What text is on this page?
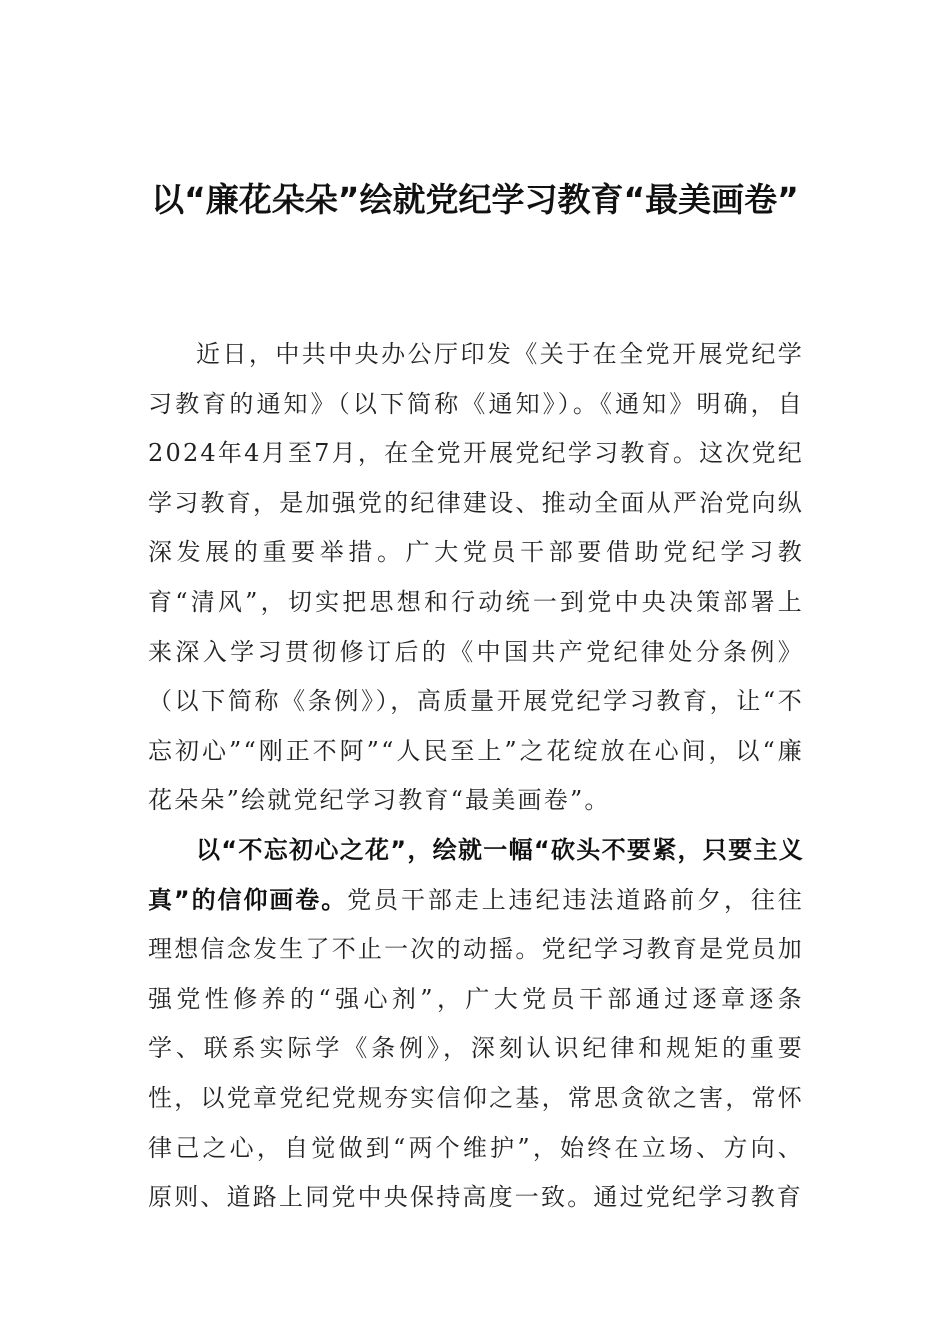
以“廉花朵朵”绘就党纪学习教育“最美画卷”

近日，中共中央办公厅印发《关于在全党开展党纪学习教育的通知》（以下简称《通知》）。《通知》明确，自2024年4月至7月，在全党开展党纪学习教育。这次党纪学习教育，是加强党的纪律建设、推动全面从严治党向纵深发展的重要举措。广大党员干部要借助党纪学习教育“清风”，切实把思想和行动统一到党中央决策部署上来深入学习贯彻修订后的《中国共产党纪律处分条例》（以下简称《条例》），高质量开展党纪学习教育，让“不忘初心”“刚正不阿”“人民至上”之花绽放在心间，以“廉花朵朵”绘就党纪学习教育“最美画卷”。

以“不忘初心之花”，绘就一幅“砍头不要紧，只要主义真”的信仰画卷。党员干部走上违纪违法道路前夕，往往理想信念发生了不止一次的动摇。党纪学习教育是党员加强党性修养的“强心剂”，广大党员干部通过逐章逐条学、联系实际学《条例》，深刻认识纪律和规矩的重要性，以党章党纪党规夯实信仰之基，常思贪欲之害，常怀律己之心，自觉做到“两个维护”，始终在立场、方向、原则、道路上同党中央保持高度一致。通过党纪学习教育
